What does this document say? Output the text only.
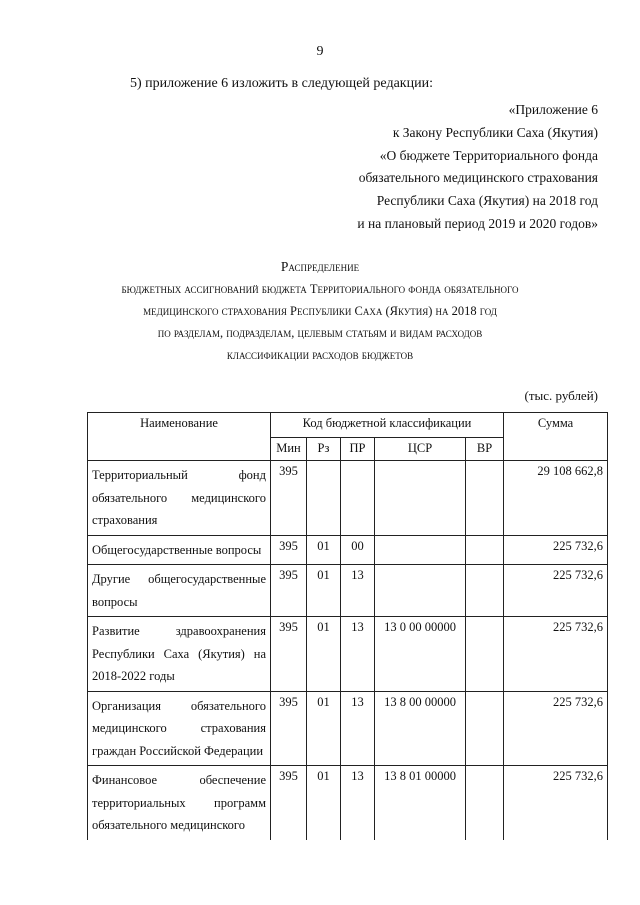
9
5) приложение 6 изложить в следующей редакции:
«Приложение 6
к Закону Республики Саха (Якутия)
«О бюджете Территориального фонда
обязательного медицинского страхования
Республики Саха (Якутия) на 2018 год
и на плановый период 2019 и 2020 годов»
Распределение
бюджетных ассигнований бюджета Территориального фонда обязательного
медицинского страхования Республики Саха (Якутия) на 2018 год
по разделам, подразделам, целевым статьям и видам расходов
классификации расходов бюджетов
(тыс. рублей)
Наименование	Код бюджетной классификации					Сумма
	Мин	Рз	ПР	ЦСР	ВР	
Территориальный фонд обязательного медицинского страхования	395					29 108 662,8
Общегосударственные вопросы	395	01	00			225 732,6
Другие общегосударственные вопросы	395	01	13			225 732,6
Развитие здравоохранения Республики Саха (Якутия) на 2018-2022 годы	395	01	13	13 0 00 00000		225 732,6
Организация обязательного медицинского страхования граждан Российской Федерации	395	01	13	13 8 00 00000		225 732,6
Финансовое обеспечение территориальных программ обязательного медицинского	395	01	13	13 8 01 00000		225 732,6
